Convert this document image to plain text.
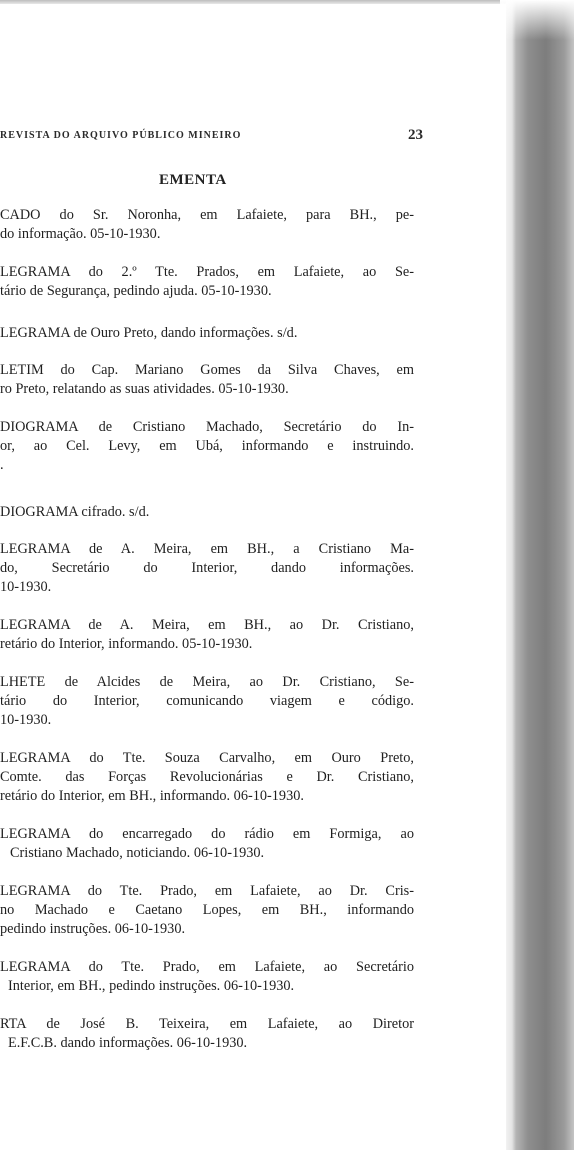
REVISTA DO ARQUIVO PÚBLICO MINEIRO	23
EMENTA
CADO do Sr. Noronha, em Lafaiete, para BH., pe-
do informação. 05-10-1930.
LEGRAMA do 2.º Tte. Prados, em Lafaiete, ao Se-
tário de Segurança, pedindo ajuda. 05-10-1930.
LEGRAMA de Ouro Preto, dando informações. s/d.
LETIM do Cap. Mariano Gomes da Silva Chaves, em
ro Preto, relatando as suas atividades. 05-10-1930.
DIOGRAMA de Cristiano Machado, Secretário do In-
or, ao Cel. Levy, em Ubá, informando e instruindo.
.
DIOGRAMA cifrado. s/d.
LEGRAMA de A. Meira, em BH., a Cristiano Ma-
do, Secretário do Interior, dando informações.
10-1930.
LEGRAMA de A. Meira, em BH., ao Dr. Cristiano,
retário do Interior, informando. 05-10-1930.
LHETE de Alcides de Meira, ao Dr. Cristiano, Se-
tário do Interior, comunicando viagem e código.
10-1930.
LEGRAMA do Tte. Souza Carvalho, em Ouro Preto,
Comte. das Forças Revolucionárias e Dr. Cristiano,
retário do Interior, em BH., informando. 06-10-1930.
LEGRAMA do encarregado do rádio em Formiga, ao
Cristiano Machado, noticiando. 06-10-1930.
LEGRAMA do Tte. Prado, em Lafaiete, ao Dr. Cris-
no Machado e Caetano Lopes, em BH., informando
pedindo instruções. 06-10-1930.
LEGRAMA do Tte. Prado, em Lafaiete, ao Secretário
Interior, em BH., pedindo instruções. 06-10-1930.
RTA de José B. Teixeira, em Lafaiete, ao Diretor
E.F.C.B. dando informações. 06-10-1930.
